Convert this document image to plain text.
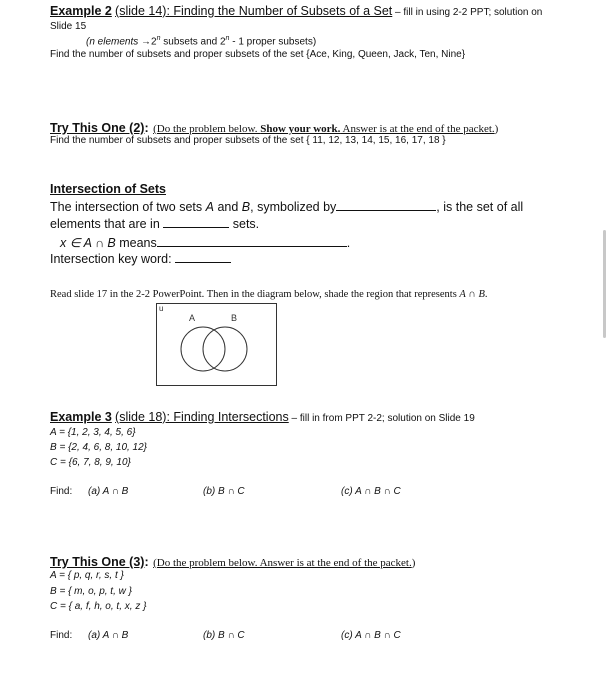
Example 2 (slide 14): Finding the Number of Subsets of a Set – fill in using 2-2 PPT; solution on
Slide 15
(n elements $\to 2^n$ subsets and 2$^n$ - 1 proper subsets)
Find the number of subsets and proper subsets of the set {Ace, King, Queen, Jack, Ten, Nine}
Try This One (2): (Do the problem below. Show your work. Answer is at the end of the packet.)
Find the number of subsets and proper subsets of the set { 11, 12, 13, 14, 15, 16, 17, 18 }
Intersection of Sets
The intersection of two sets A and B, symbolized by	, is the set of all
elements that are in	sets.
x ∈ A ∩ B means	.
Intersection key word:
Read slide 17 in the 2-2 PowerPoint. Then in the diagram below, shade the region that represents A ∩ B.
u
A	B
Example 3 (slide 18): Finding Intersections – fill in from PPT 2-2; solution on Slide 19
A = {1, 2, 3, 4, 5, 6}
B = {2, 4, 6, 8, 10, 12}
C = {6, 7, 8, 9, 10}
Find: (a) A ∩ B	(b) B ∩ C	(c) A ∩ B ∩ C
Try This One (3): (Do the problem below. Answer is at the end of the packet.)
A = { p, q, r, s, t }
B = { m, o, p, t, w }
C = { a, f, h, o, t, x, z }
Find: (a) A ∩ B	(b) B ∩ C	(c) A ∩ B ∩ C
